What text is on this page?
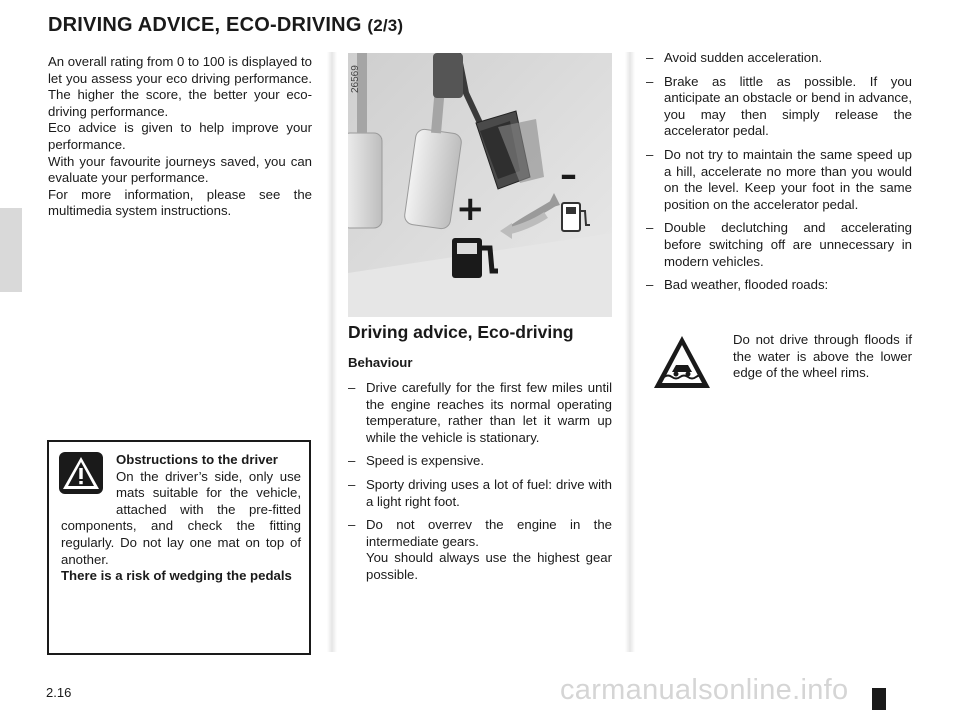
DRIVING ADVICE, ECO-DRIVING (2/3)

An overall rating from 0 to 100 is displayed to let you assess your eco driving performance. The higher the score, the better your eco-driving performance.

Eco advice is given to help improve your performance.

With your favourite journeys saved, you can evaluate your performance.

For more information, please see the multimedia system instructions.

Obstructions to the driver
On the driver’s side, only use mats suitable for the vehicle, attached with the pre-fitted components, and check the fitting regularly. Do not lay one mat on top of another.
There is a risk of wedging the pedals
26569
+
–
Driving advice, Eco-driving
Behaviour
– Drive carefully for the first few miles until the engine reaches its normal operating temperature, rather than let it warm up while the vehicle is stationary.
– Speed is expensive.
– Sporty driving uses a lot of fuel: drive with a light right foot.
– Do not overrev the engine in the intermediate gears.
You should always use the highest gear possible.
– Avoid sudden acceleration.
– Brake as little as possible. If you anticipate an obstacle or bend in advance, you may then simply release the accelerator pedal.
– Do not try to maintain the same speed up a hill, accelerate no more than you would on the level. Keep your foot in the same position on the accelerator pedal.
– Double declutching and accelerating before switching off are unnecessary in modern vehicles.
– Bad weather, flooded roads:
Do not drive through floods if the water is above the lower edge of the wheel rims.
2.16	carmanualsonline.info
